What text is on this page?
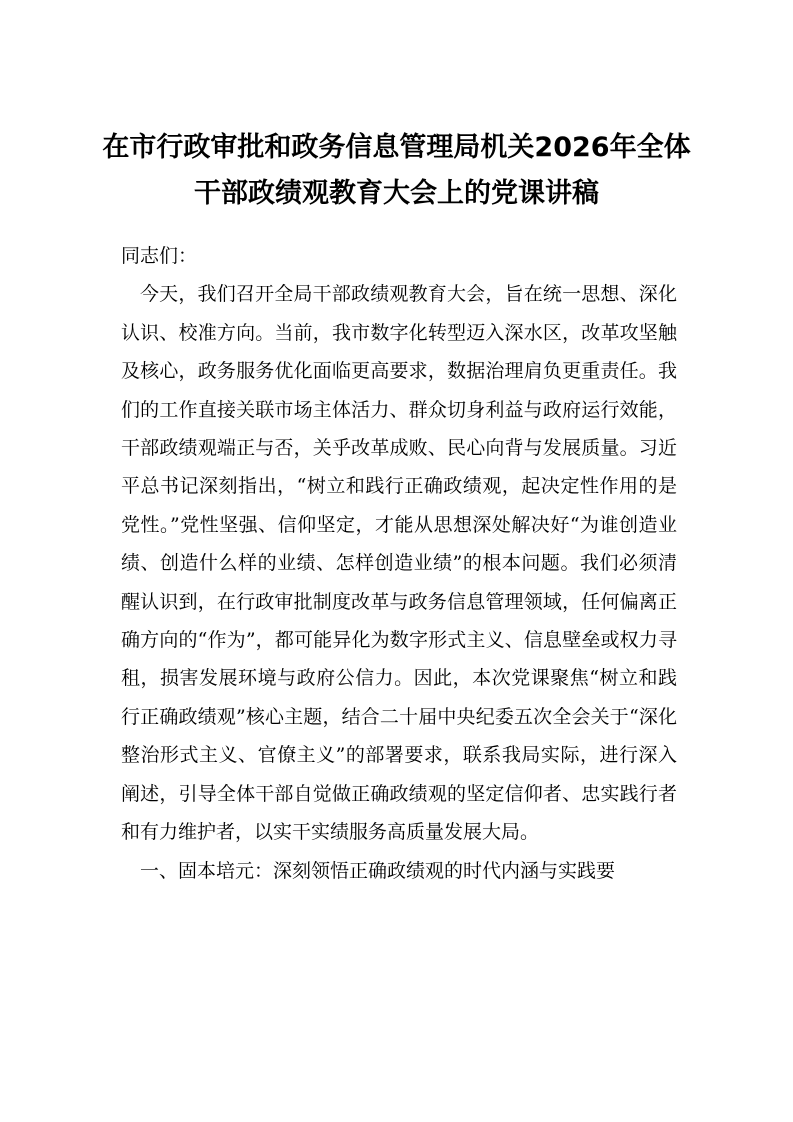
在市行政审批和政务信息管理局机关2026年全体干部政绩观教育大会上的党课讲稿

同志们：

今天，我们召开全局干部政绩观教育大会，旨在统一思想、深化认识、校准方向。当前，我市数字化转型迈入深水区，改革攻坚触及核心，政务服务优化面临更高要求，数据治理肩负更重责任。我们的工作直接关联市场主体活力、群众切身利益与政府运行效能，干部政绩观端正与否，关乎改革成败、民心向背与发展质量。习近平总书记深刻指出，“树立和践行正确政绩观，起决定性作用的是党性。”党性坚强、信仰坚定，才能从思想深处解决好“为谁创造业绩、创造什么样的业绩、怎样创造业绩”的根本问题。我们必须清醒认识到，在行政审批制度改革与政务信息管理领域，任何偏离正确方向的“作为”，都可能异化为数字形式主义、信息壁垒或权力寻租，损害发展环境与政府公信力。因此，本次党课聚焦“树立和践行正确政绩观”核心主题，结合二十届中央纪委五次全会关于“深化整治形式主义、官僚主义”的部署要求，联系我局实际，进行深入阐述，引导全体干部自觉做正确政绩观的坚定信仰者、忠实践行者和有力维护者，以实干实绩服务高质量发展大局。

一、固本培元：深刻领悟正确政绩观的时代内涵与实践要
